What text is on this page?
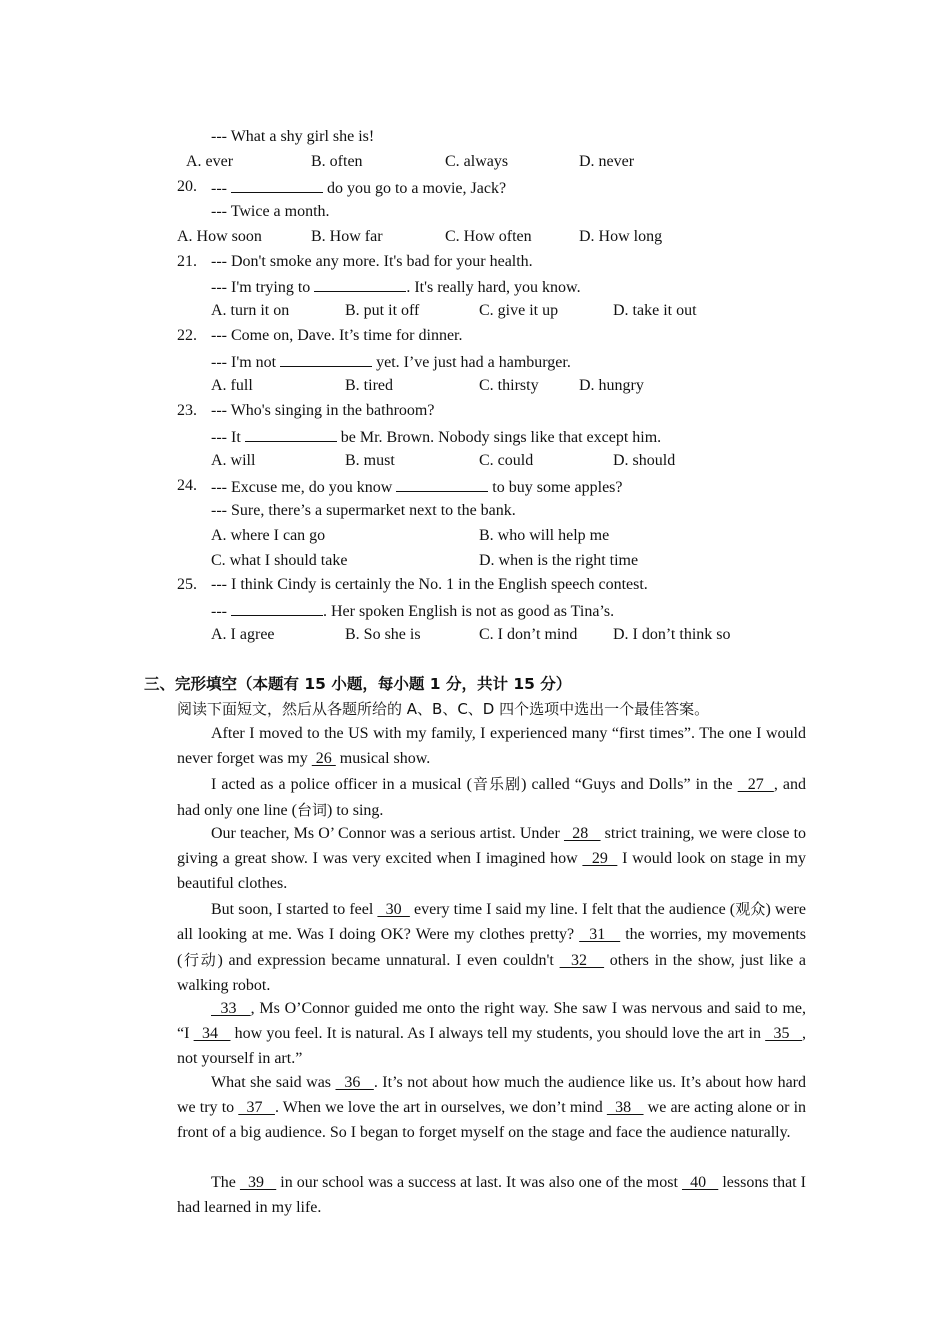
--- What a shy girl she is!
A. ever	B. often	C. always	D. never
20. ---	do you go to a movie, Jack?
--- Twice a month.
A. How soon	B. How far	C. How often	D. How long
21. --- Don't smoke any more. It's bad for your health.
--- I'm trying to	. It's really hard, you know.
A. turn it on	B. put it off	C. give it up	D. take it out
22. --- Come on, Dave. It’s time for dinner.
--- I'm not	yet. I’ve just had a hamburger.
A. full	B. tired	C. thirsty	D. hungry
23. --- Who's singing in the bathroom?
--- It	be Mr. Brown. Nobody sings like that except him.
A. will	B. must	C. could	D. should
24. --- Excuse me, do you know	to buy some apples?
--- Sure, there’s a supermarket next to the bank.
A. where I can go	B. who will help me
C. what I should take	D. when is the right time
25. --- I think Cindy is certainly the No. 1 in the English speech contest.
---	. Her spoken English is not as good as Tina’s.
A. I agree	B. So she is	C. I don’t mind D. I don’t think so
三、完形填空（本题有 15 小题，每小题 1 分，共计 15 分）
阅读下面短文，然后从各题所给的 A、B、C、D 四个选项中选出一个最佳答案。
After I moved to the US with my family, I experienced many “first times”. The one I would never forget was my  26  musical show.
I acted as a police officer in a musical (音乐剧) called “Guys and Dolls” in the   27  , and had only one line (台词) to sing.
Our teacher, Ms O’ Connor was a serious artist. Under   28    strict training, we were close to giving a great show. I was very excited when I imagined how   29   I would look on stage in my beautiful clothes.
But soon, I started to feel   30   every time I said my line. I felt that the audience (观众) were all looking at me. Was I doing OK? Were my clothes pretty?   31    the worries, my movements (行动) and expression became unnatural. I even couldn't   32    others in the show, just like a walking robot.
33   , Ms O’Connor guided me onto the right way. She saw I was nervous and said to me, “I   34    how you feel. It is natural. As I always tell my students, you should love the art in   35   , not yourself in art.”
What she said was   36   . It’s not about how much the audience like us. It’s about how hard we try to   37   . When we love the art in ourselves, we don’t mind   38    we are acting alone or in front of a big audience. So I began to forget myself on the stage and face the audience naturally.
The   39    in our school was a success at last. It was also one of the most   40    lessons that I had learned in my life.
